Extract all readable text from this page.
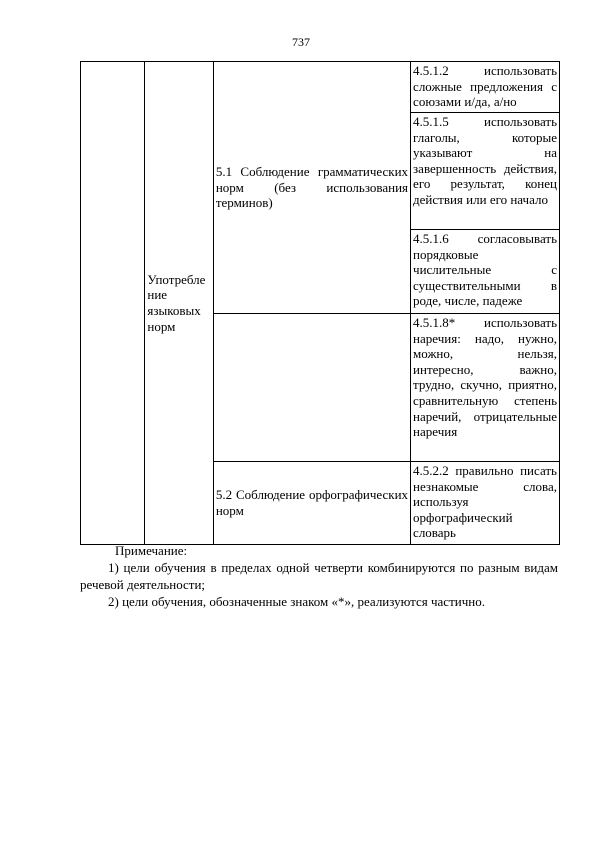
737

	Употребле ние языковых норм	5.1 Соблюдение грамматических норм (без использования терминов)	4.5.1.2 использовать сложные предложения с союзами и/да, а/но

			4.5.1.5 использовать глаголы, которые указывают на завершенность действия, его результат, конец действия или его начало

			4.5.1.6 согласовывать порядковые числительные с существительными в роде, числе, падеже

			4.5.1.8* использовать наречия: надо, нужно, можно, нельзя, интересно, важно, трудно, скучно, приятно, сравнительную степень наречий, отрицательные наречия

		5.2 Соблюдение орфографических норм	4.5.2.2 правильно писать незнакомые слова, используя орфографический словарь

Примечание:

1) цели обучения в пределах одной четверти комбинируются по разным видам речевой деятельности;

2) цели обучения, обозначенные знаком «*», реализуются частично.
